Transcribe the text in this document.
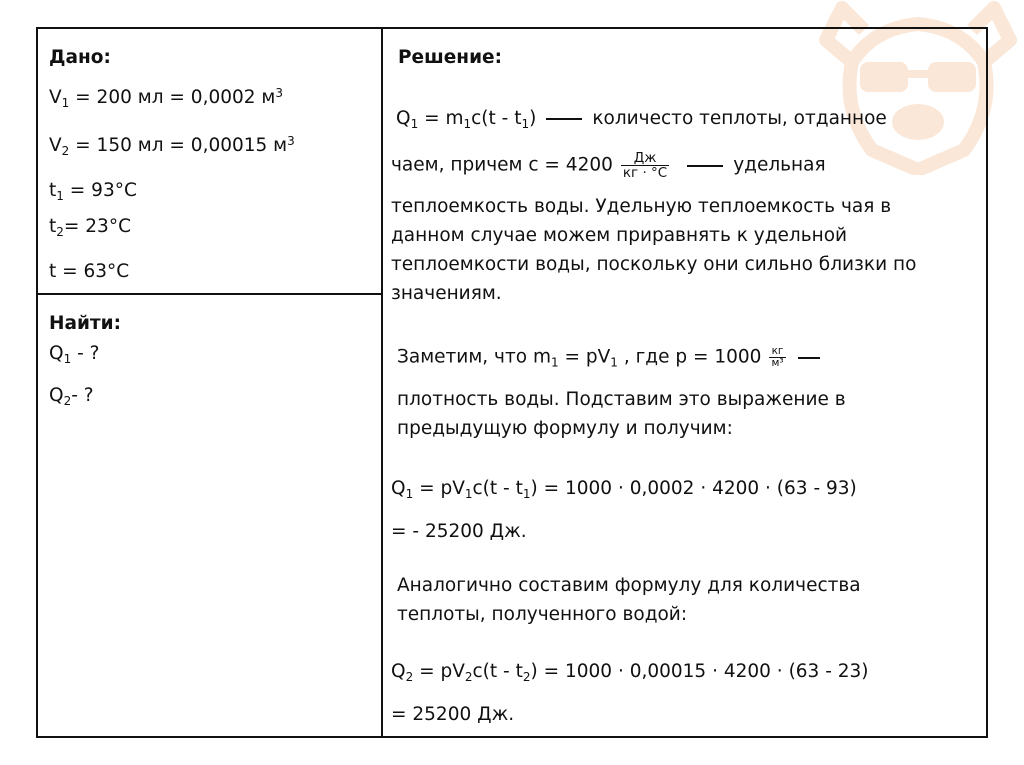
Дано:
$V_1 = 200$ мл = 0,0002 $м^3$
$V_2 = 150$ мл = 0,00015 $м^3$
$t_1 = 93^\circ C$
$t_2= 23^\circ C$
t = 63°C
Найти:
$Q_1$ - ?
$Q_2-$ ?
Решение:
$Q_1 = m_1c(t - t_1)$	количесто теплоты, отданное
чаем, причем $с = 4200 \frac{Дж}{кг \cdot ^\circ C}$	удельная
теплоемкость воды. Удельную теплоемкость чая в
данном случае можем приравнять к удельной
теплоемкости воды, поскольку они сильно близки по
значениям.
Заметим, что $m_1 = pV_1$ , где $p = 1000 \frac{кг}{\text{м³}}$
плотность воды. Подставим это выражение в
предыдущую формулу и получим:
$Q_1 = pV_1c(t - t_1) = 1000 \cdot 0,0002 \cdot 4200 \cdot (63 - 93)$
= - 25200 Дж.
Аналогично составим формулу для количества
теплоты, полученного водой:
$Q_2 = pV_2c(t - t_2) = 1000 \cdot 0,00015 \cdot 4200 \cdot (63 - 23)$
= 25200 Дж.
